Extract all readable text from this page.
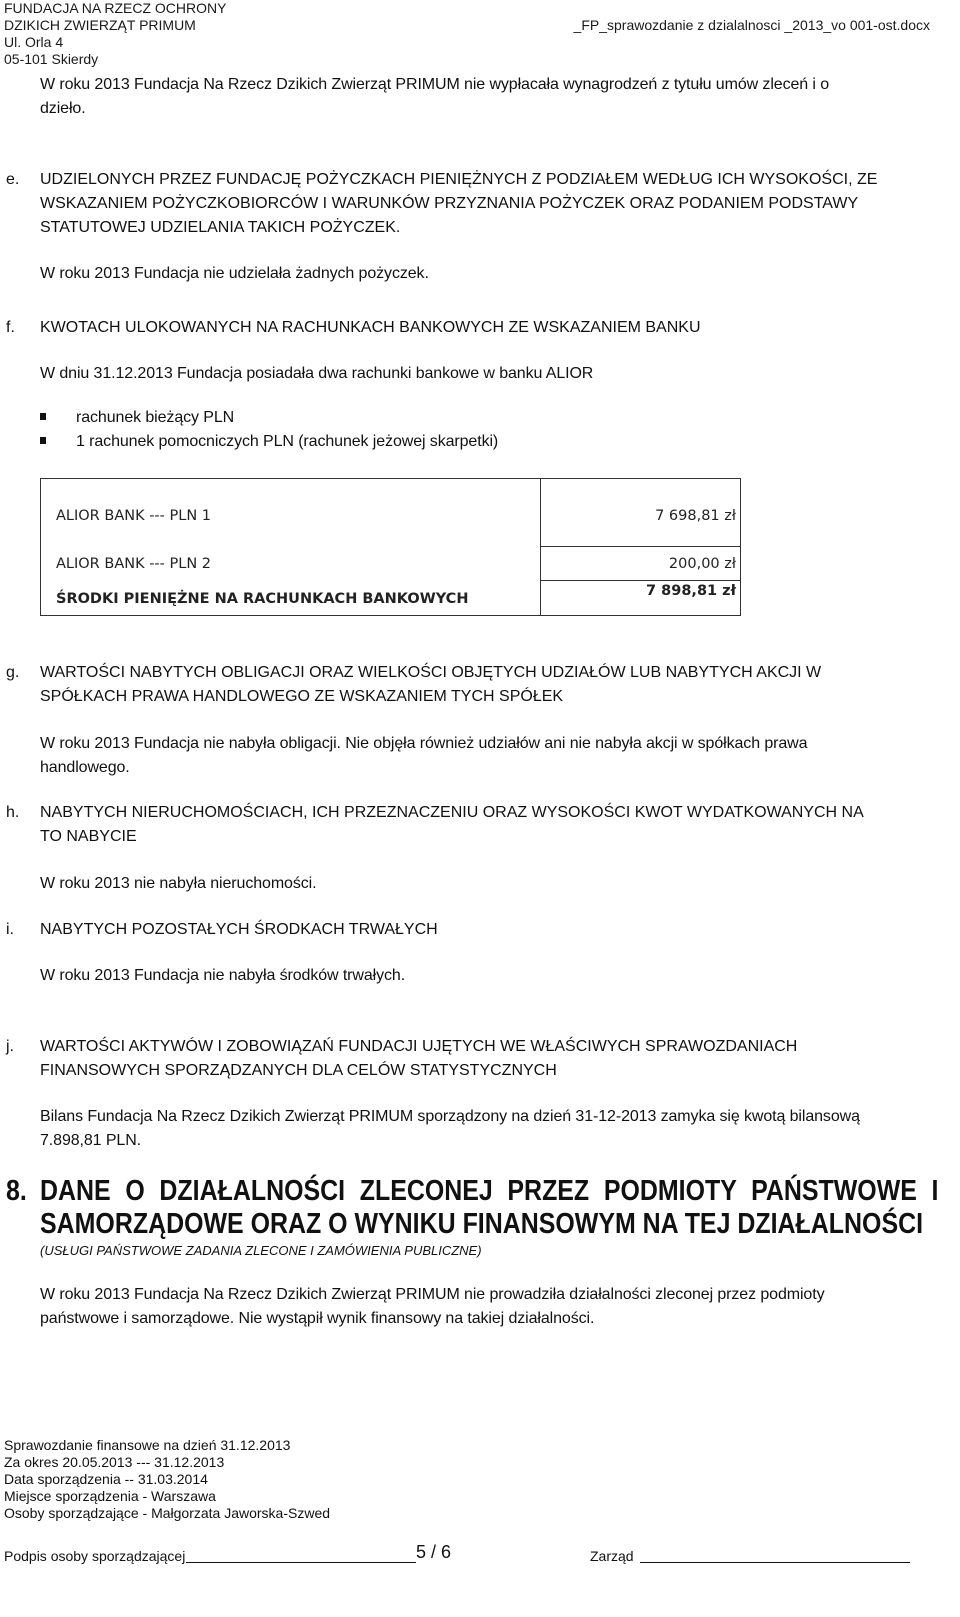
FUNDACJA NA RZECZ OCHRONY
DZIKICH ZWIERZĄT PRIMUM
Ul. Orla 4
05-101 Skierdy
_FP_sprawozdanie z dzialalnosci _2013_vo 001-ost.docx
W roku 2013 Fundacja Na Rzecz Dzikich Zwierząt PRIMUM nie wypłacała wynagrodzeń z tytułu umów zleceń i o
dzieło.
e. UDZIELONYCH PRZEZ FUNDACJĘ POŻYCZKACH PIENIĘŻNYCH Z PODZIAŁEM WEDŁUG ICH WYSOKOŚCI, ZE
WSKAZANIEM POŻYCZKOBIORCÓW I WARUNKÓW PRZYZNANIA POŻYCZEK ORAZ PODANIEM PODSTAWY
STATUTOWEJ UDZIELANIA TAKICH POŻYCZEK.
W roku 2013 Fundacja nie udzielała żadnych pożyczek.
f. KWOTACH ULOKOWANYCH NA RACHUNKACH BANKOWYCH ZE WSKAZANIEM BANKU
W dniu 31.12.2013 Fundacja posiadała dwa rachunki bankowe w banku ALIOR
rachunek bieżący PLN
1 rachunek pomocniczych PLN (rachunek jeżowej skarpetki)
ALIOR BANK --- PLN 1	7 698,81 zł
ALIOR BANK --- PLN 2	200,00 zł
ŚRODKI PIENIĘŻNE NA RACHUNKACH BANKOWYCH	7 898,81 zł
g. WARTOŚCI NABYTYCH OBLIGACJI ORAZ WIELKOŚCI OBJĘTYCH UDZIAŁÓW LUB NABYTYCH AKCJI W
SPÓŁKACH PRAWA HANDLOWEGO ZE WSKAZANIEM TYCH SPÓŁEK
W roku 2013 Fundacja nie nabyła obligacji. Nie objęła również udziałów ani nie nabyła akcji w spółkach prawa
handlowego.
h. NABYTYCH NIERUCHOMOŚCIACH, ICH PRZEZNACZENIU ORAZ WYSOKOŚCI KWOT WYDATKOWANYCH NA
TO NABYCIE
W roku 2013 nie nabyła nieruchomości.
i. NABYTYCH POZOSTAŁYCH ŚRODKACH TRWAŁYCH
W roku 2013 Fundacja nie nabyła środków trwałych.
j. WARTOŚCI AKTYWÓW I ZOBOWIĄZAŃ FUNDACJI UJĘTYCH WE WŁAŚCIWYCH SPRAWOZDANIACH
FINANSOWYCH SPORZĄDZANYCH DLA CELÓW STATYSTYCZNYCH
Bilans Fundacja Na Rzecz Dzikich Zwierząt PRIMUM sporządzony na dzień 31-12-2013 zamyka się kwotą bilansową
7.898,81 PLN.
8. DANE O DZIAŁALNOŚCI ZLECONEJ PRZEZ PODMIOTY PAŃSTWOWE I
SAMORZĄDOWE ORAZ O WYNIKU FINANSOWYM NA TEJ DZIAŁALNOŚCI
(USŁUGI PAŃSTWOWE ZADANIA ZLECONE I ZAMÓWIENIA PUBLICZNE)
W roku 2013 Fundacja Na Rzecz Dzikich Zwierząt PRIMUM nie prowadziła działalności zleconej przez podmioty
państwowe i samorządowe. Nie wystąpił wynik finansowy na takiej działalności.
Sprawozdanie finansowe na dzień 31.12.2013
Za okres 20.05.2013 --- 31.12.2013
Data sporządzenia -- 31.03.2014
Miejsce sporządzenia - Warszawa
Osoby sporządzające - Małgorzata Jaworska-Szwed
Podpis osoby sporządzającej	5 / 6	Zarząd
